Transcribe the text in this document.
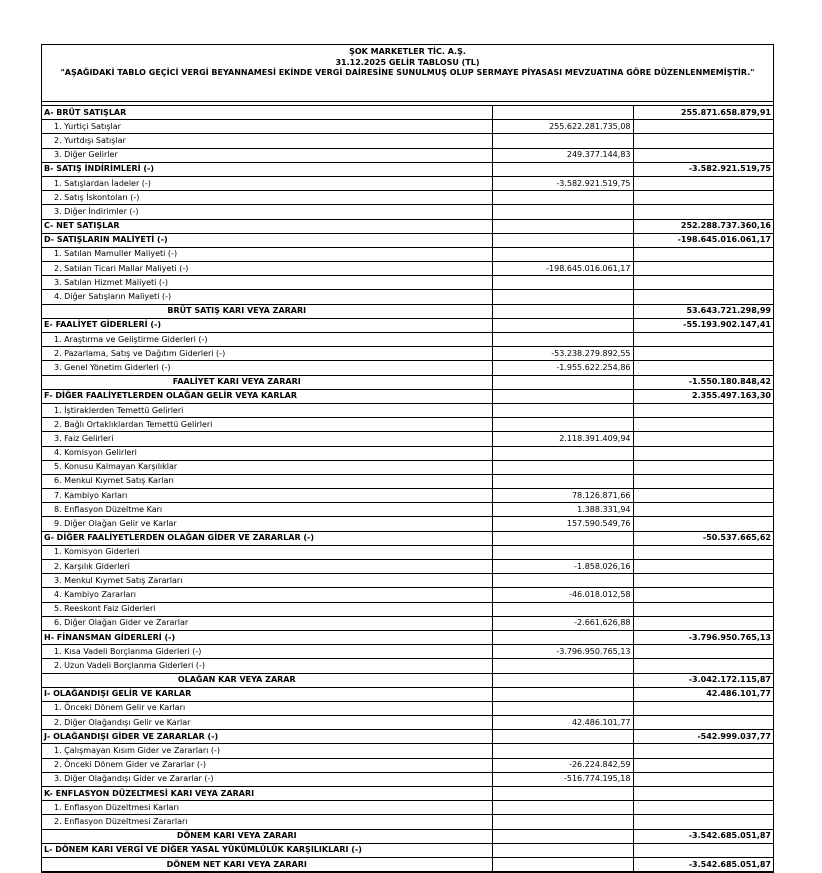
ŞOK MARKETLER TİC. A.Ş.
31.12.2025 GELİR TABLOSU (TL)
"AŞAĞIDAKİ TABLO GEÇİCİ VERGİ BEYANNAMESİ EKİNDE VERGİ DAİRESİNE SUNULMUŞ OLUP SERMAYE PİYASASI MEVZUATINA GÖRE DÜZENLENMEMİŞTİR."
A- BRÜT SATIŞLAR		255.871.658.879,91
1. Yurtiçi Satışlar	255.622.281.735,08	
2. Yurtdışı Satışlar		
3. Diğer Gelirler	249.377.144,83	
B- SATIŞ İNDİRİMLERİ (-)		-3.582.921.519,75
1. Satışlardan İadeler (-)	-3.582.921.519,75	
2. Satış İskontoları (-)		
3. Diğer İndirimler (-)		
C- NET SATIŞLAR		252.288.737.360,16
D- SATIŞLARIN MALİYETİ (-)		-198.645.016.061,17
1. Satılan Mamuller Maliyeti (-)		
2. Satılan Ticari Mallar Maliyeti (-)	-198.645.016.061,17	
3. Satılan Hizmet Maliyeti (-)		
4. Diğer Satışların Maliyeti (-)		
BRÜT SATIŞ KARI VEYA ZARARI		53.643.721.298,99
E- FAALİYET GİDERLERİ (-)		-55.193.902.147,41
1. Araştırma ve Geliştirme Giderleri (-)		
2. Pazarlama, Satış ve Dağıtım Giderleri (-)	-53.238.279.892,55	
3. Genel Yönetim Giderleri (-)	-1.955.622.254,86	
FAALİYET KARI VEYA ZARARI		-1.550.180.848,42
F- DİĞER FAALİYETLERDEN OLAĞAN GELİR VEYA KARLAR		2.355.497.163,30
1. İştiraklerden Temettü Gelirleri		
2. Bağlı Ortaklıklardan Temettü Gelirleri		
3. Faiz Gelirleri	2.118.391.409,94	
4. Komisyon Gelirleri		
5. Konusu Kalmayan Karşılıklar		
6. Menkul Kıymet Satış Karları		
7. Kambiyo Karları	78.126.871,66	
8. Enflasyon Düzeltme Karı	1.388.331,94	
9. Diğer Olağan Gelir ve Karlar	157.590.549,76	
G- DİĞER FAALİYETLERDEN OLAĞAN GİDER VE ZARARLAR (-)		-50.537.665,62
1. Komisyon Giderleri		
2. Karşılık Giderleri	-1.858.026,16	
3. Menkul Kıymet Satış Zararları		
4. Kambiyo Zararları	-46.018.012,58	
5. Reeskont Faiz Giderleri		
6. Diğer Olağan Gider ve Zararlar	-2.661.626,88	
H- FİNANSMAN GİDERLERİ (-)		-3.796.950.765,13
1. Kısa Vadeli Borçlanma Giderleri (-)	-3.796.950.765,13	
2. Uzun Vadeli Borçlanma Giderleri (-)		
OLAĞAN KAR VEYA ZARAR		-3.042.172.115,87
I- OLAĞANDIŞI GELİR VE KARLAR		42.486.101,77
1. Önceki Dönem Gelir ve Karları		
2. Diğer Olağandışı Gelir ve Karlar	42.486.101,77	
J- OLAĞANDIŞI GİDER VE ZARARLAR (-)		-542.999.037,77
1. Çalışmayan Kısım Gider ve Zararları (-)		
2. Önceki Dönem Gider ve Zararlar (-)	-26.224.842,59	
3. Diğer Olağandışı Gider ve Zararlar (-)	-516.774.195,18	
K- ENFLASYON DÜZELTMESİ KARI VEYA ZARARI		
1. Enflasyon Düzeltmesi Karları		
2. Enflasyon Düzeltmesi Zararları		
DÖNEM KARI VEYA ZARARI		-3.542.685.051,87
L- DÖNEM KARI VERGİ VE DİĞER YASAL YÜKÜMLÜLÜK KARŞILIKLARI (-)		
DÖNEM NET KARI VEYA ZARARI		-3.542.685.051,87
